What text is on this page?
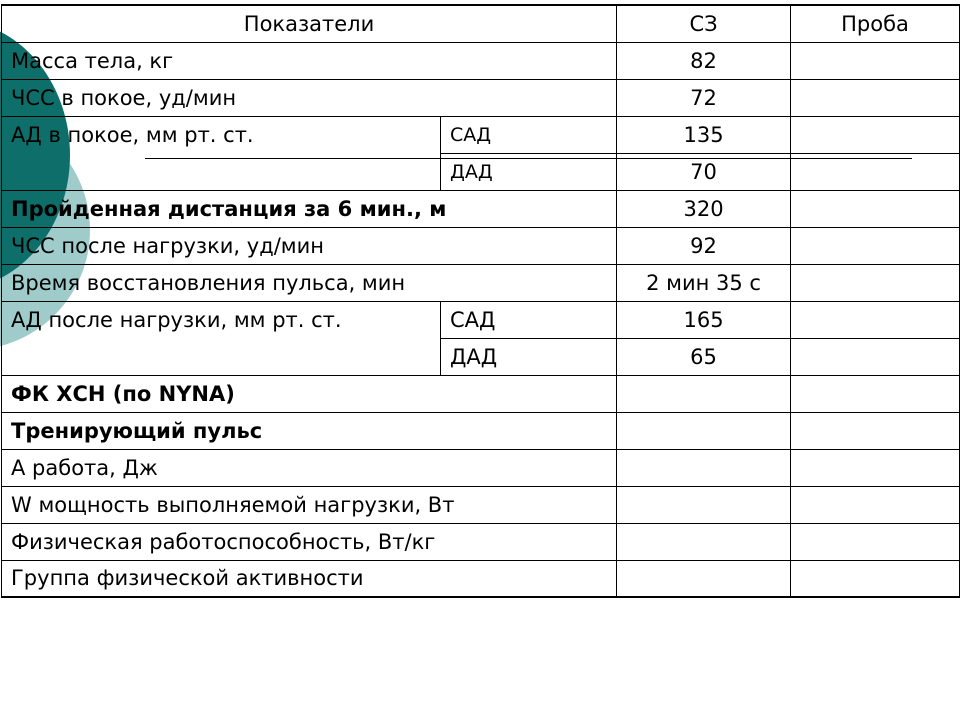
Показатели		СЗ	Проба
Масса тела, кг		82	
ЧСС в покое, уд/мин		72	
АД в покое, мм рт. ст.	САД	135	
	ДАД	70	
Пройденная дистанция за 6 мин., м		320	
ЧСС после нагрузки, уд/мин		92	
Время восстановления пульса, мин		2 мин 35 с	
АД после нагрузки, мм рт. ст.	САД	165	
	ДАД	65	
ФК ХСН (по NYNA)			
Тренирующий пульс			
А работа, Дж			
W мощность выполняемой нагрузки, Вт			
Физическая работоспособность, Вт/кг			
Группа физической активности			
